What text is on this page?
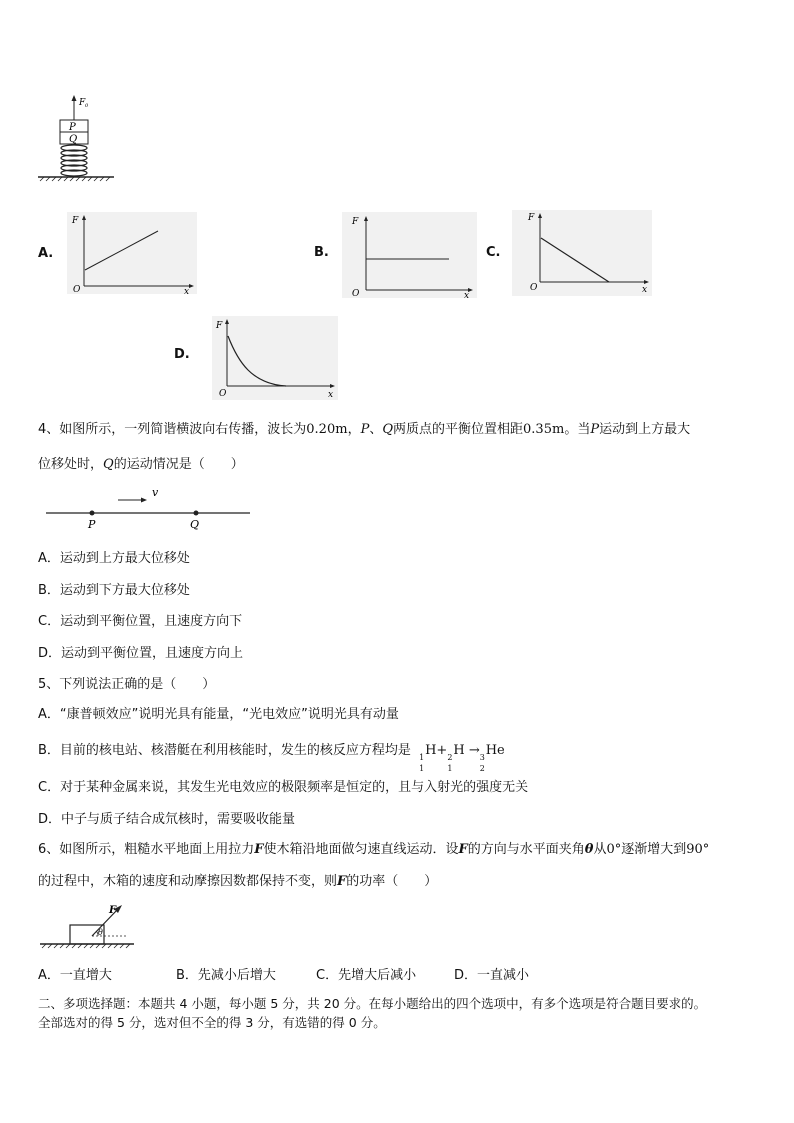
F 0
P
Q
A.
F
O	x
B.
F
O	x
C.
F
O	x
D.
F
O	x
4、如图所示，一列简谐横波向右传播，波长为0.20m，P、Q两质点的平衡位置相距0.35m。当P运动到上方最大
位移处时，Q的运动情况是（　　）
v
P	Q
A．运动到上方最大位移处
B．运动到下方最大位移处
C．运动到平衡位置，且速度方向下
D．运动到平衡位置，且速度方向上
5、下列说法正确的是（　　）
A．“康普顿效应”说明光具有能量，“光电效应”说明光具有动量
B．目前的核电站、核潜艇在利用核能时，发生的核反应方程均是 1
1
H+ 2
1
H → 3
2
He
C．对于某种金属来说，其发生光电效应的极限频率是恒定的，且与入射光的强度无关
D．中子与质子结合成氘核时，需要吸收能量
6、如图所示，粗糙水平地面上用拉力F使木箱沿地面做匀速直线运动．设F的方向与水平面夹角θ从0°逐渐增大到90°
的过程中，木箱的速度和动摩擦因数都保持不变，则F的功率（　　）
F
θ
A．一直增大	B．先减小后增大	C．先增大后减小	D．一直减小
二、多项选择题：本题共 4 小题，每小题 5 分，共 20 分。在每小题给出的四个选项中，有多个选项是符合题目要求的。
全部选对的得 5 分，选对但不全的得 3 分，有选错的得 0 分。
